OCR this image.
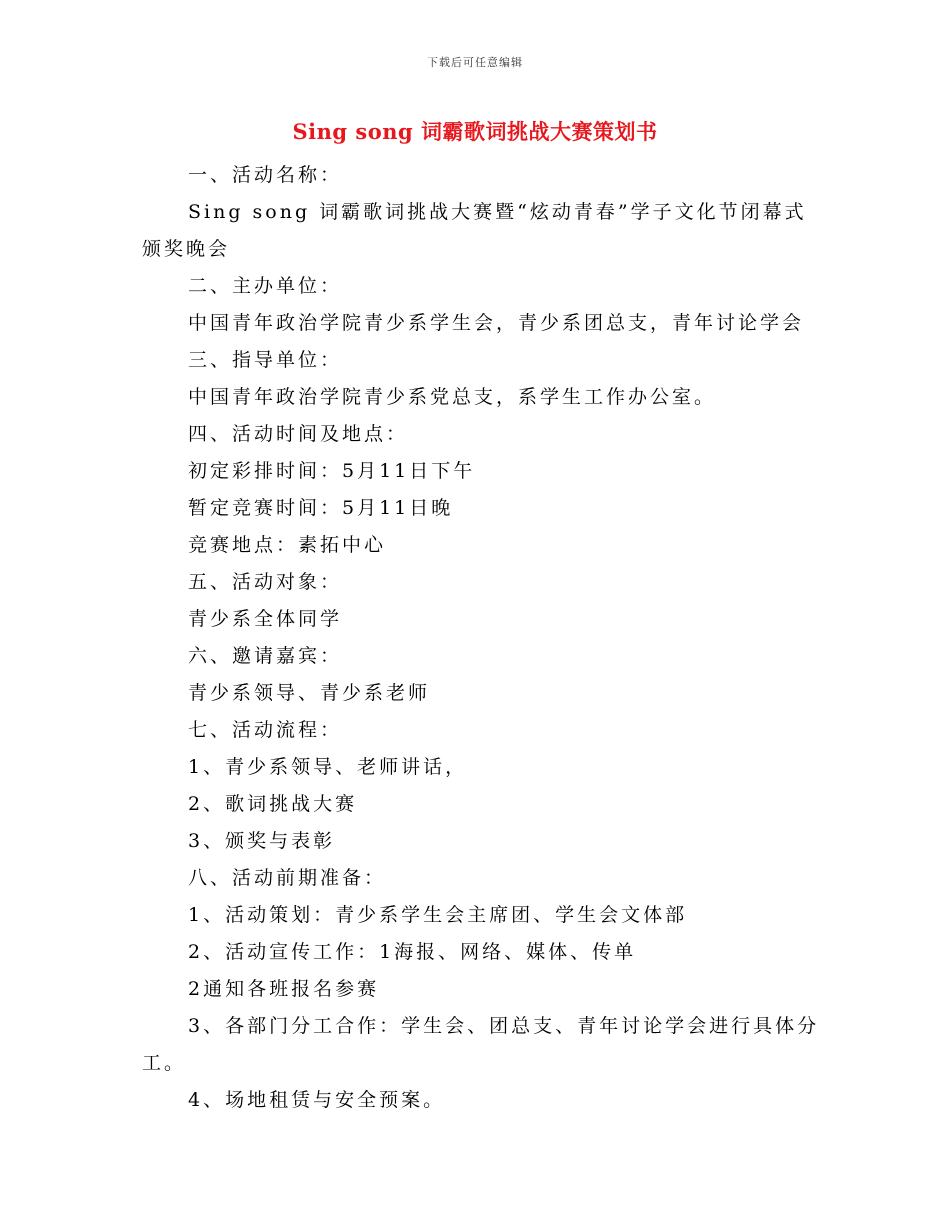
下载后可任意编辑
Sing song 词霸歌词挑战大赛策划书
一、活动名称：
Sing song 词霸歌词挑战大赛暨“炫动青春”学子文化节闭幕式
颁奖晚会
二、主办单位：
中国青年政治学院青少系学生会，青少系团总支，青年讨论学会
三、指导单位：
中国青年政治学院青少系党总支，系学生工作办公室。
四、活动时间及地点：
初定彩排时间：5月11日下午
暂定竞赛时间：5月11日晚
竞赛地点：素拓中心
五、活动对象：
青少系全体同学
六、邀请嘉宾：
青少系领导、青少系老师
七、活动流程：
1、青少系领导、老师讲话，
2、歌词挑战大赛
3、颁奖与表彰
八、活动前期准备：
1、活动策划：青少系学生会主席团、学生会文体部
2、活动宣传工作：1海报、网络、媒体、传单
2通知各班报名参赛
3、各部门分工合作：学生会、团总支、青年讨论学会进行具体分
工。
4、场地租赁与安全预案。
